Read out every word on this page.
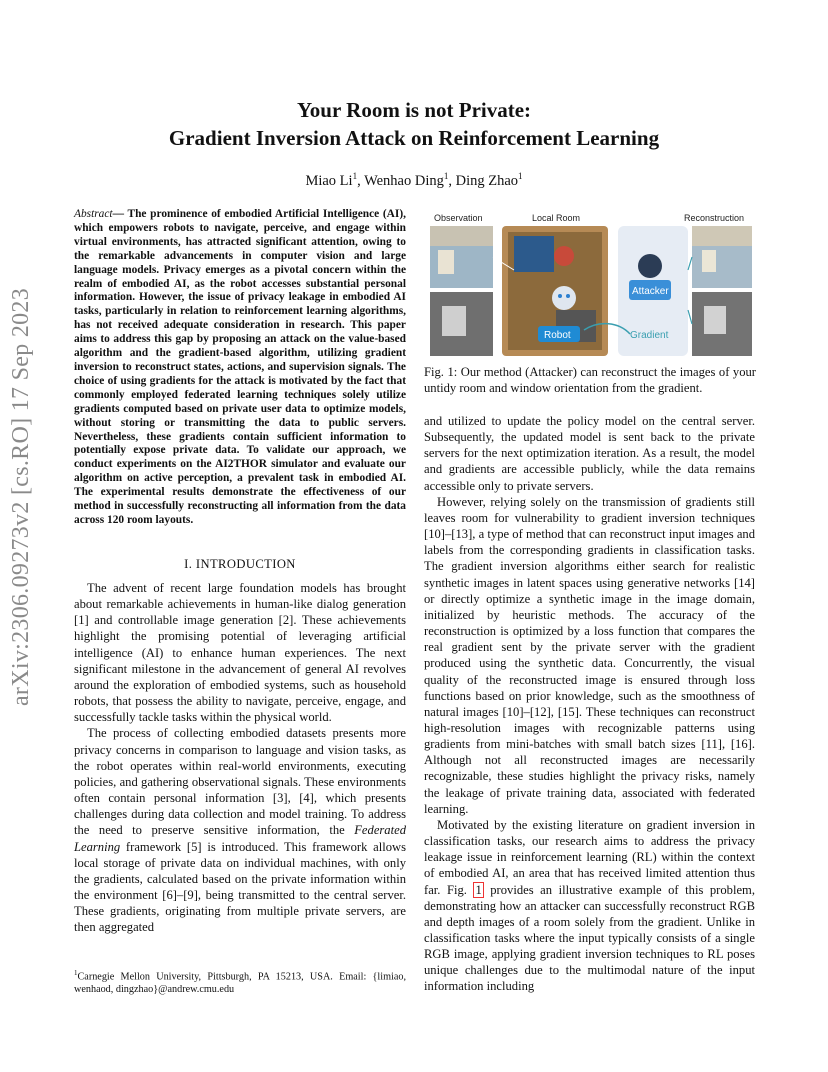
arXiv:2306.09273v2 [cs.RO] 17 Sep 2023
Your Room is not Private:
Gradient Inversion Attack on Reinforcement Learning
Miao Li$^1$, Wenhao Ding$^1$, Ding Zhao$^1$
Abstract— The prominence of embodied Artificial Intelligence (AI), which empowers robots to navigate, perceive, and engage within virtual environments, has attracted significant attention, owing to the remarkable advancements in computer vision and large language models. Privacy emerges as a pivotal concern within the realm of embodied AI, as the robot accesses substantial personal information. However, the issue of privacy leakage in embodied AI tasks, particularly in relation to reinforcement learning algorithms, has not received adequate consideration in research. This paper aims to address this gap by proposing an attack on the value-based algorithm and the gradient-based algorithm, utilizing gradient inversion to reconstruct states, actions, and supervision signals. The choice of using gradients for the attack is motivated by the fact that commonly employed federated learning techniques solely utilize gradients computed based on private user data to optimize models, without storing or transmitting the data to public servers. Nevertheless, these gradients contain sufficient information to potentially expose private data. To validate our approach, we conduct experiments on the AI2THOR simulator and evaluate our algorithm on active perception, a prevalent task in embodied AI. The experimental results demonstrate the effectiveness of our method in successfully reconstructing all information from the data across 120 room layouts.
I. INTRODUCTION

The advent of recent large foundation models has brought about remarkable achievements in human-like dialog generation [1] and controllable image generation [2]. These achievements highlight the promising potential of leveraging artificial intelligence (AI) to enhance human experiences. The next significant milestone in the advancement of general AI revolves around the exploration of embodied systems, such as household robots, that possess the ability to navigate, perceive, engage, and successfully tackle tasks within the physical world.

The process of collecting embodied datasets presents more privacy concerns in comparison to language and vision tasks, as the robot operates within real-world environments, executing policies, and gathering observational signals. These environments often contain personal information [3], [4], which presents challenges during data collection and model training. To address the need to preserve sensitive information, the Federated Learning framework [5] is introduced. This framework allows local storage of private data on individual machines, with only the gradients, calculated based on the private information within the environment [6]–[9], being transmitted to the central server. These gradients, originating from multiple private servers, are then aggregated

$^1$Carnegie Mellon University, Pittsburgh, PA 15213, USA. Email: {limiao, wenhaod, dingzhao}@andrew.cmu.edu
Observation	Local Room	Reconstruction
Robot
Attacker
Gradient
Fig. 1: Our method (Attacker) can reconstruct the images of your untidy room and window orientation from the gradient.

and utilized to update the policy model on the central server. Subsequently, the updated model is sent back to the private servers for the next optimization iteration. As a result, the model and gradients are accessible publicly, while the data remains accessible only to private servers.

However, relying solely on the transmission of gradients still leaves room for vulnerability to gradient inversion techniques [10]–[13], a type of method that can reconstruct input images and labels from the corresponding gradients in classification tasks. The gradient inversion algorithms either search for realistic synthetic images in latent spaces using generative networks [14] or directly optimize a synthetic image in the image domain, initialized by heuristic methods. The accuracy of the reconstruction is optimized by a loss function that compares the real gradient sent by the private server with the gradient produced using the synthetic data. Concurrently, the visual quality of the reconstructed image is ensured through loss functions based on prior knowledge, such as the smoothness of natural images [10]–[12], [15]. These techniques can reconstruct high-resolution images with recognizable patterns using gradients from mini-batches with small batch sizes [11], [16]. Although not all reconstructed images are necessarily recognizable, these studies highlight the privacy risks, namely the leakage of private training data, associated with federated learning.

Motivated by the existing literature on gradient inversion in classification tasks, our research aims to address the privacy leakage issue in reinforcement learning (RL) within the context of embodied AI, an area that has received limited attention thus far. Fig. 1 provides an illustrative example of this problem, demonstrating how an attacker can successfully reconstruct RGB and depth images of a room solely from the gradient. Unlike in classification tasks where the input typically consists of a single RGB image, applying gradient inversion techniques to RL poses unique challenges due to the multimodal nature of the input information including
